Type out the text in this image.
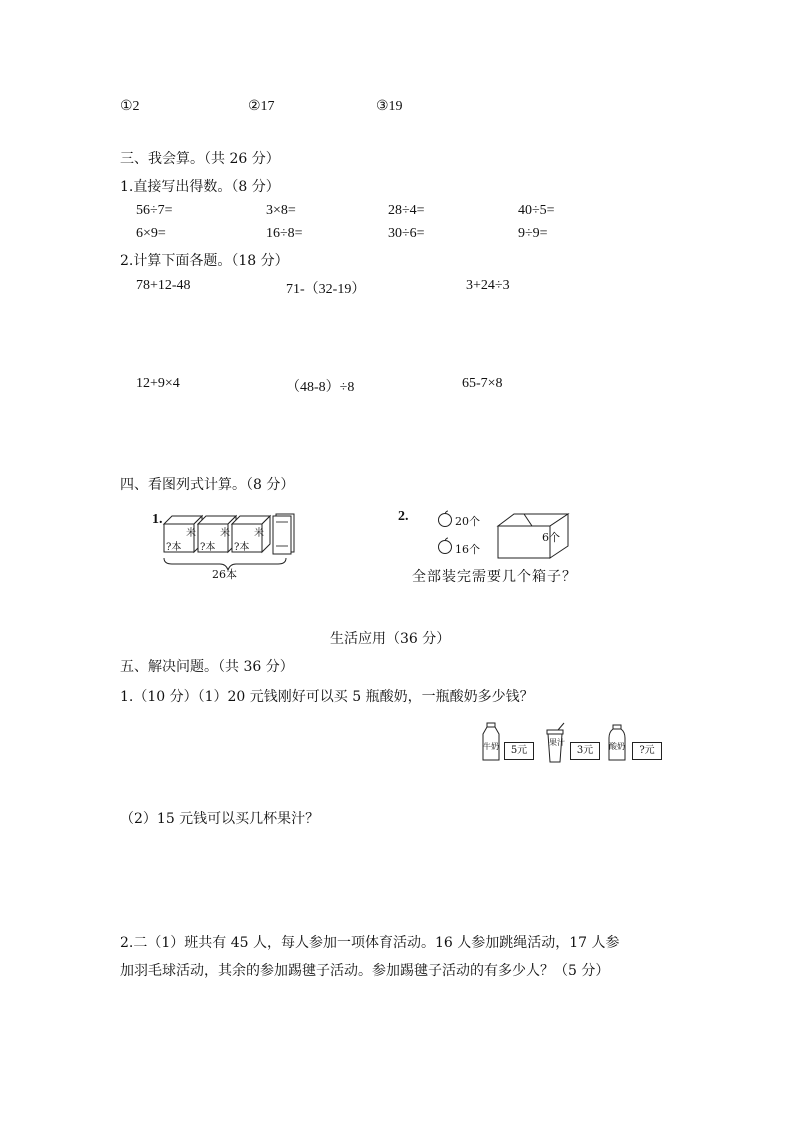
①2	②17	③19
三、我会算。（共 26 分）
1.直接写出得数。（8 分）
56÷7=	3×8=	28÷4=	40÷5=
6×9=	16÷8=	30÷6=	9÷9=
2.计算下面各题。（18 分）
78+12-48	71-（32-19）	3+24÷3
12+9×4	（48-8）÷8	65-7×8
四、看图列式计算。（8 分）
1.
?本 ?本 ?本
米 米 米
26本
2.	20个
16个
6个
全部装完需要几个箱子？
生活应用（36 分）
五、解决问题。（共 36 分）
1.（10 分）（1）20 元钱刚好可以买 5 瓶酸奶，一瓶酸奶多少钱？
牛奶	5元
果汁
3元	酸奶	?元
（2）15 元钱可以买几杯果汁？
2.二（1）班共有 45 人，每人参加一项体育活动。16 人参加跳绳活动，17 人参
加羽毛球活动，其余的参加踢毽子活动。参加踢毽子活动的有多少人？（5 分）
